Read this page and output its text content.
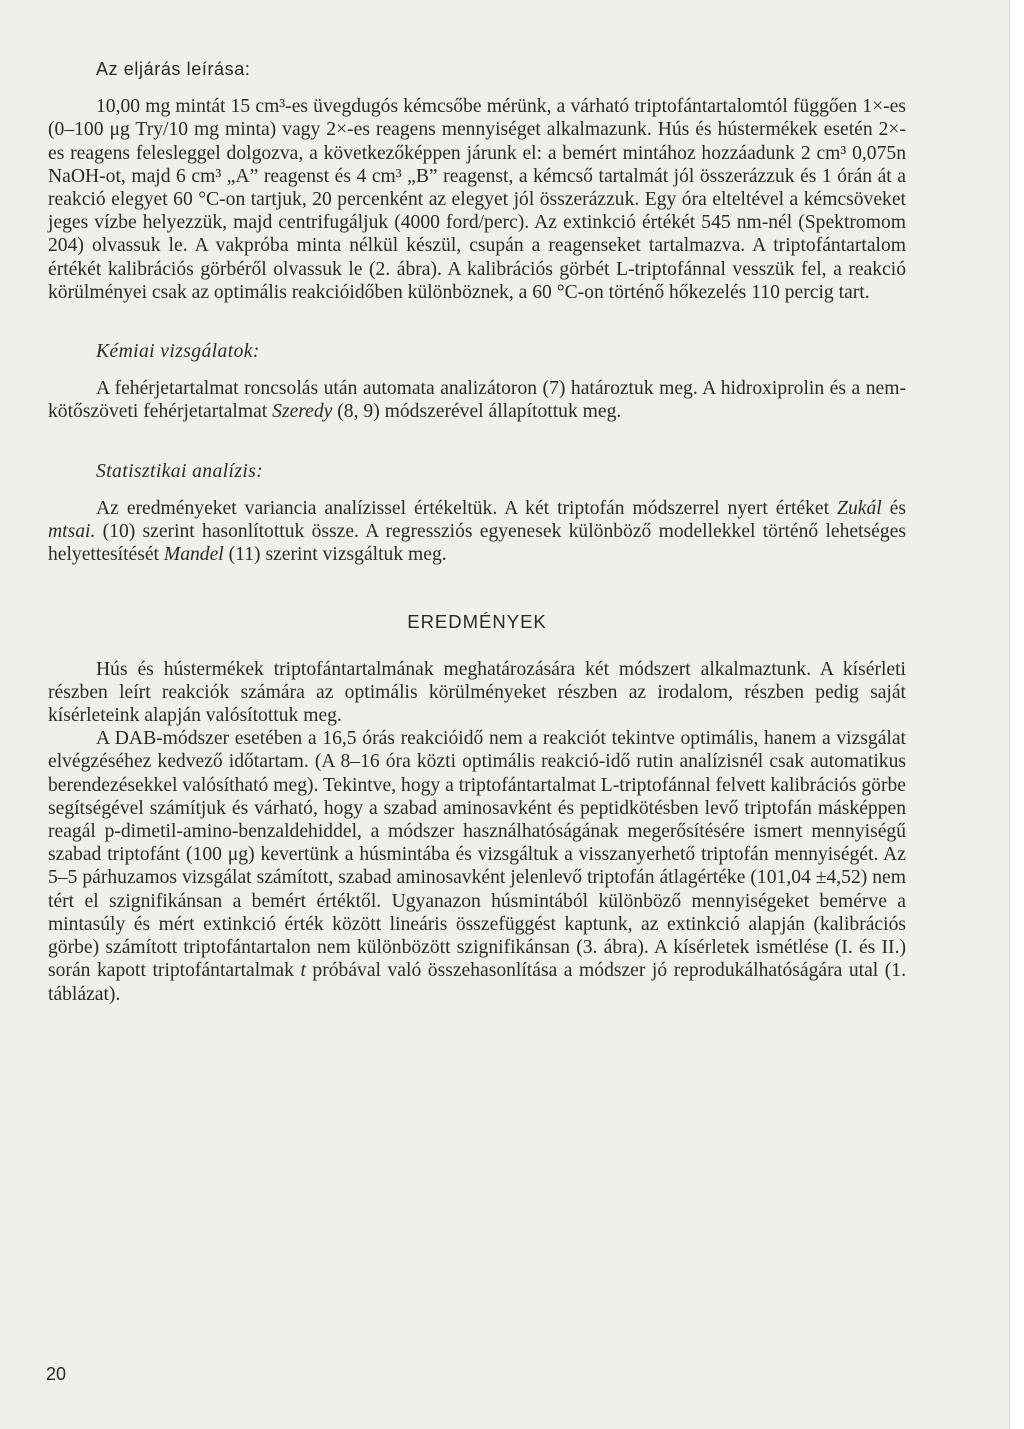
Az eljárás leírása:

10,00 mg mintát 15 cm³-es üvegdugós kémcsőbe mérünk, a várható triptofántartalomtól függően 1×-es (0–100 μg Try/10 mg minta) vagy 2×-es reagens mennyiséget alkalmazunk. Hús és hústermékek esetén 2×-es reagens felesleggel dolgozva, a következőképpen járunk el: a bemért mintához hozzáadunk 2 cm³ 0,075n NaOH-ot, majd 6 cm³ „A” reagenst és 4 cm³ „B” reagenst, a kémcső tartalmát jól összerázzuk és 1 órán át a reakció elegyet 60 °C-on tartjuk, 20 percenként az elegyet jól összerázzuk. Egy óra elteltével a kémcsöveket jeges vízbe helyezzük, majd centrifugáljuk (4000 ford/perc). Az extinkció értékét 545 nm-nél (Spektromom 204) olvassuk le. A vakpróba minta nélkül készül, csupán a reagenseket tartalmazva. A triptofántartalom értékét kalibrációs görbéről olvassuk le (2. ábra). A kalibrációs görbét L-triptofánnal vesszük fel, a reakció körülményei csak az optimális reakcióidőben különböznek, a 60 °C-on történő hőkezelés 110 percig tart.

Kémiai vizsgálatok:

A fehérjetartalmat roncsolás után automata analizátoron (7) határoztuk meg. A hidroxiprolin és a nem-kötőszöveti fehérjetartalmat Szeredy (8, 9) módszerével állapítottuk meg.

Statisztikai analízis:

Az eredményeket variancia analízissel értékeltük. A két triptofán módszerrel nyert értéket Zukál és mtsai. (10) szerint hasonlítottuk össze. A regressziós egyenesek különböző modellekkel történő lehetséges helyettesítését Mandel (11) szerint vizsgáltuk meg.

EREDMÉNYEK

Hús és hústermékek triptofántartalmának meghatározására két módszert alkalmaztunk. A kísérleti részben leírt reakciók számára az optimális körülményeket részben az irodalom, részben pedig saját kísérleteink alapján valósítottuk meg.

A DAB-módszer esetében a 16,5 órás reakcióidő nem a reakciót tekintve optimális, hanem a vizsgálat elvégzéséhez kedvező időtartam. (A 8–16 óra közti optimális reakció-idő rutin analízisnél csak automatikus berendezésekkel valósítható meg). Tekintve, hogy a triptofántartalmat L-triptofánnal felvett kalibrációs görbe segítségével számítjuk és várható, hogy a szabad aminosavként és peptidkötésben levő triptofán másképpen reagál p-dimetil-amino-benzaldehiddel, a módszer használhatóságának megerősítésére ismert mennyiségű szabad triptofánt (100 μg) kevertünk a húsmintába és vizsgáltuk a visszanyerhető triptofán mennyiségét. Az 5–5 párhuzamos vizsgálat számított, szabad aminosavként jelenlevő triptofán átlagértéke (101,04 ±4,52) nem tért el szignifikánsan a bemért értéktől. Ugyanazon húsmintából különböző mennyiségeket bemérve a mintasúly és mért extinkció érték között lineáris összefüggést kaptunk, az extinkció alapján (kalibrációs görbe) számított triptofántartalon nem különbözött szignifikánsan (3. ábra). A kísérletek ismétlése (I. és II.) során kapott triptofántartalmak t próbával való összehasonlítása a módszer jó reprodukálhatóságára utal (1. táblázat).

20
